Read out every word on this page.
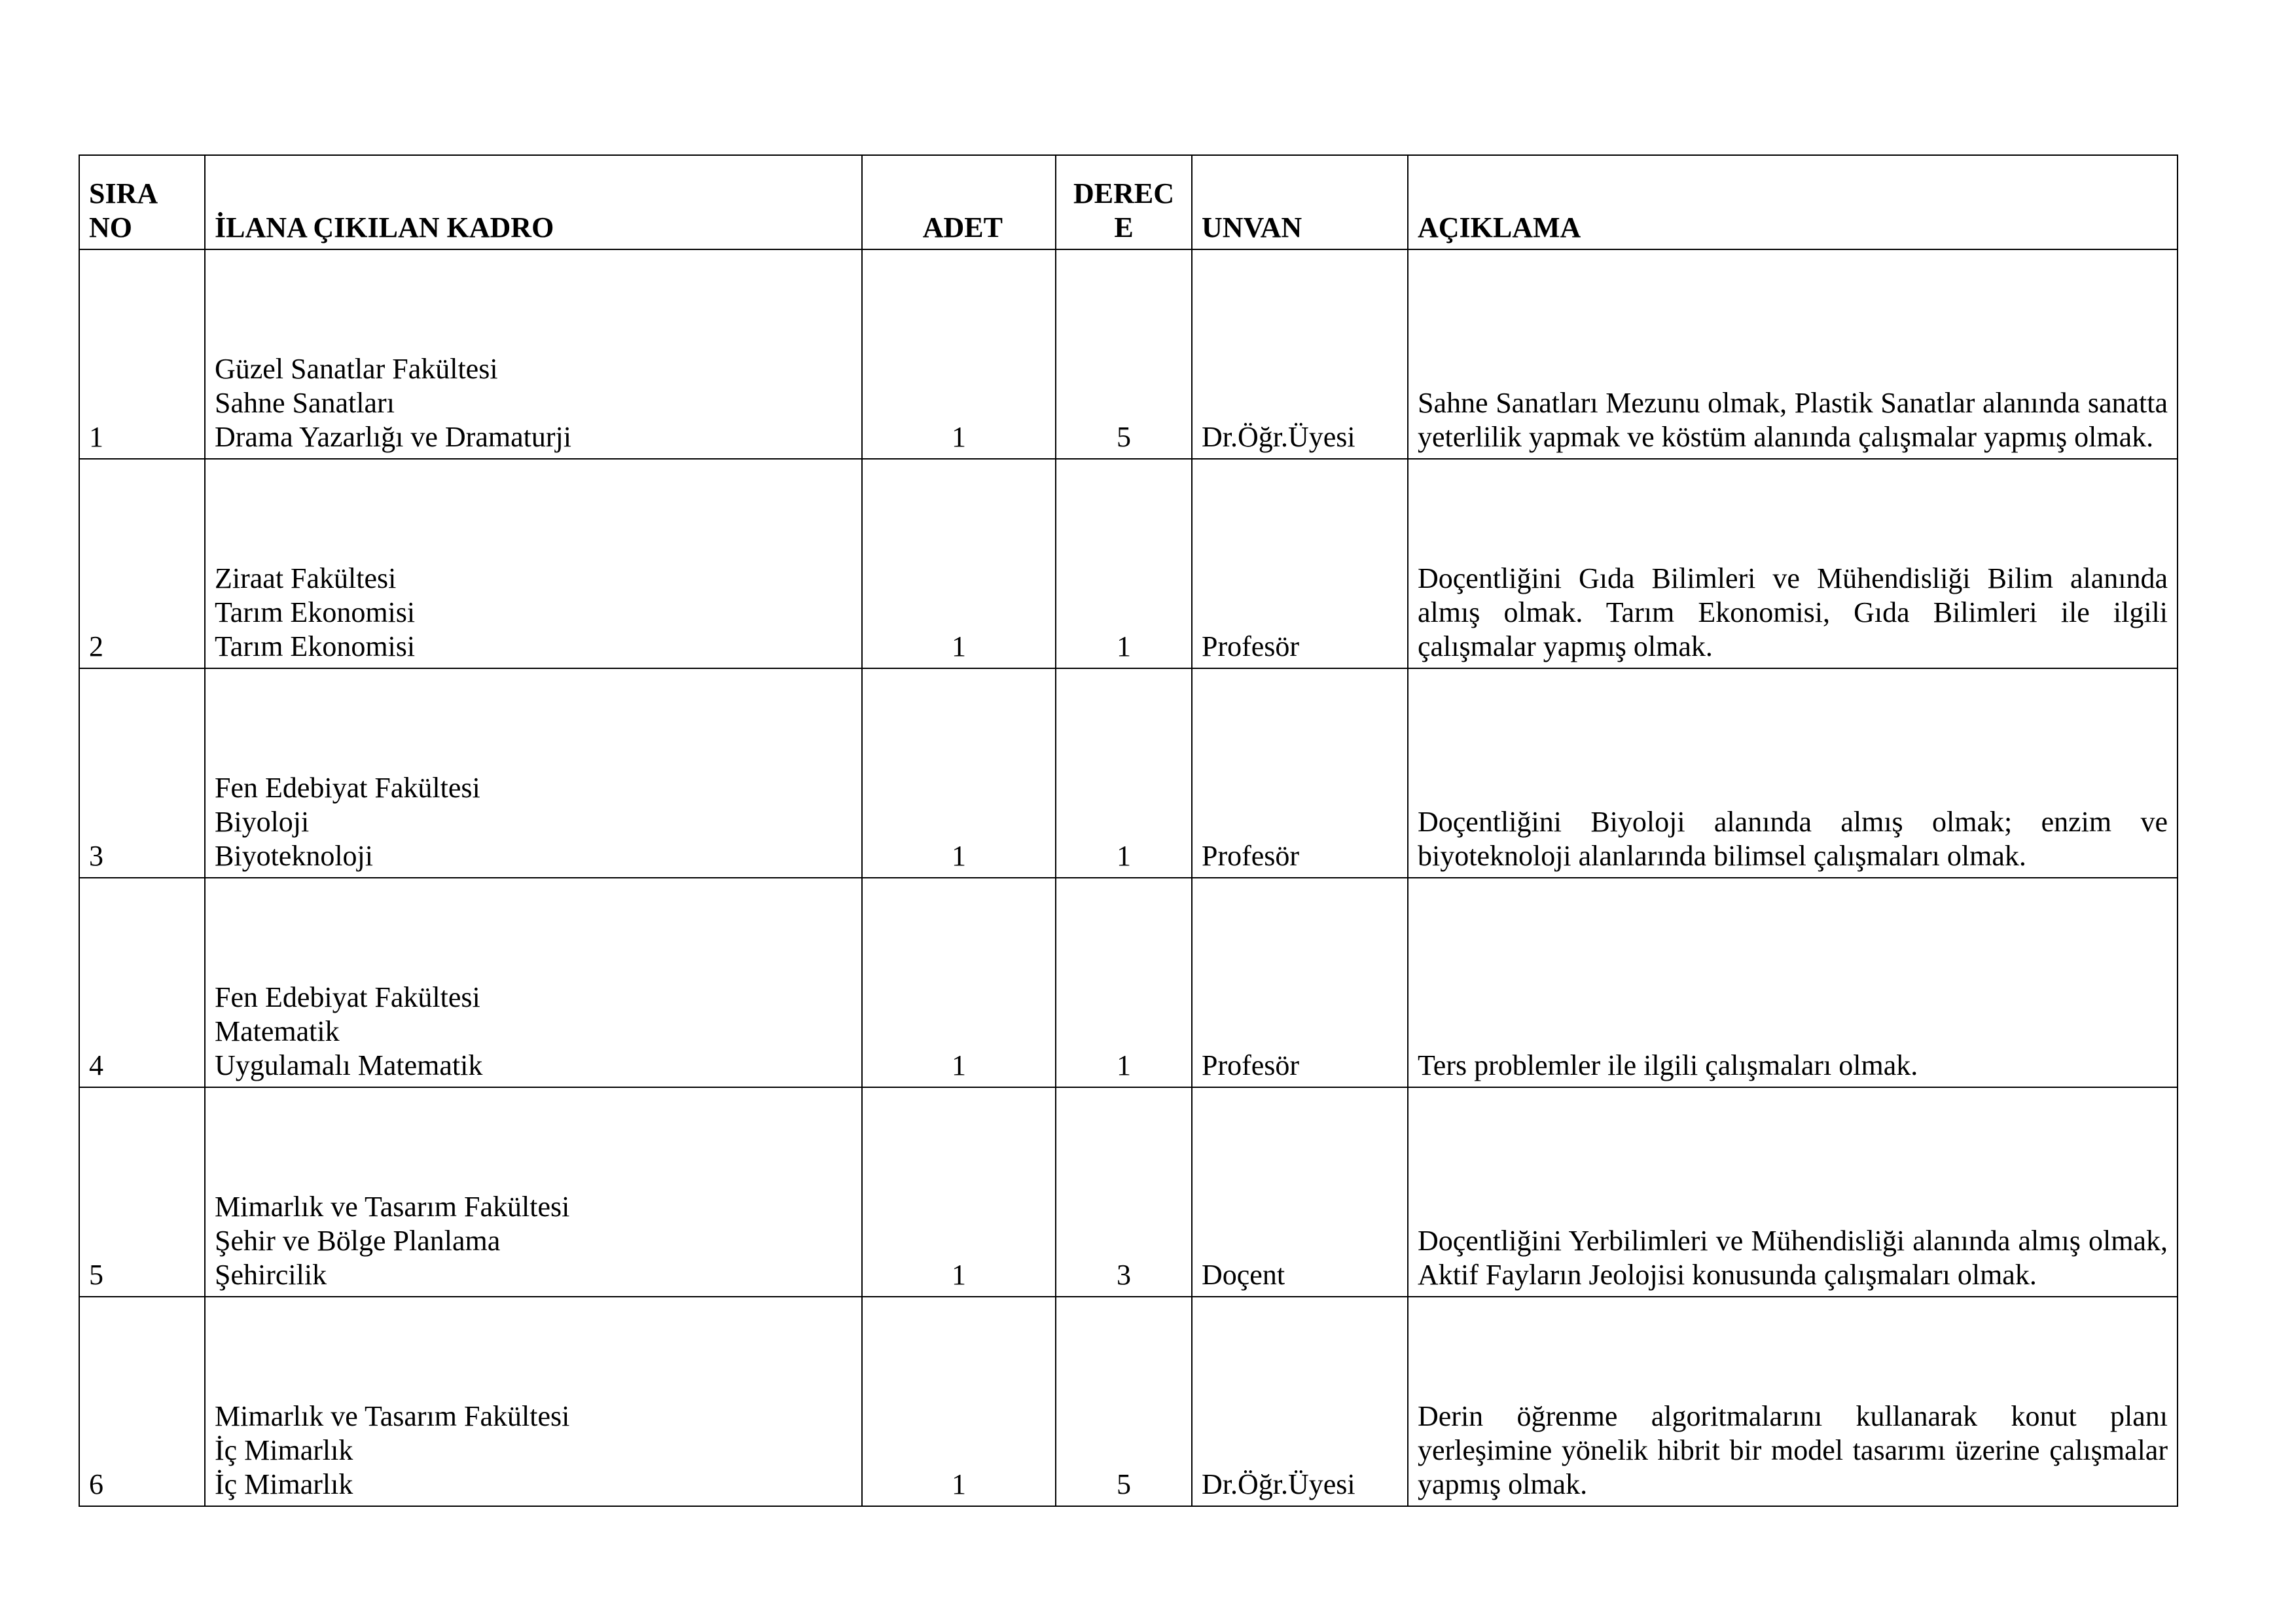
SIRA NO	İLANA ÇIKILAN KADRO	ADET	DERECE	UNVAN	AÇIKLAMA
1	Güzel Sanatlar Fakültesi
Sahne Sanatları
Drama Yazarlığı ve Dramaturji	1	5	Dr.Öğr.Üyesi	Sahne Sanatları Mezunu olmak, Plastik Sanatlar alanında sanatta yeterlilik yapmak ve köstüm alanında çalışmalar yapmış olmak.
2	Ziraat Fakültesi
Tarım Ekonomisi
Tarım Ekonomisi	1	1	Profesör	Doçentliğini Gıda Bilimleri ve Mühendisliği Bilim alanında almış olmak. Tarım Ekonomisi, Gıda Bilimleri ile ilgili çalışmalar yapmış olmak.
3	Fen Edebiyat Fakültesi
Biyoloji
Biyoteknoloji	1	1	Profesör	Doçentliğini Biyoloji alanında almış olmak; enzim ve biyoteknoloji alanlarında bilimsel çalışmaları olmak.
4	Fen Edebiyat Fakültesi
Matematik
Uygulamalı Matematik	1	1	Profesör	Ters problemler ile ilgili çalışmaları olmak.
5	Mimarlık ve Tasarım Fakültesi
Şehir ve Bölge Planlama
Şehircilik	1	3	Doçent	Doçentliğini Yerbilimleri ve Mühendisliği alanında almış olmak, Aktif Fayların Jeolojisi konusunda çalışmaları olmak.
6	Mimarlık ve Tasarım Fakültesi
İç Mimarlık
İç Mimarlık	1	5	Dr.Öğr.Üyesi	Derin öğrenme algoritmalarını kullanarak konut planı yerleşimine yönelik hibrit bir model tasarımı üzerine çalışmalar yapmış olmak.
